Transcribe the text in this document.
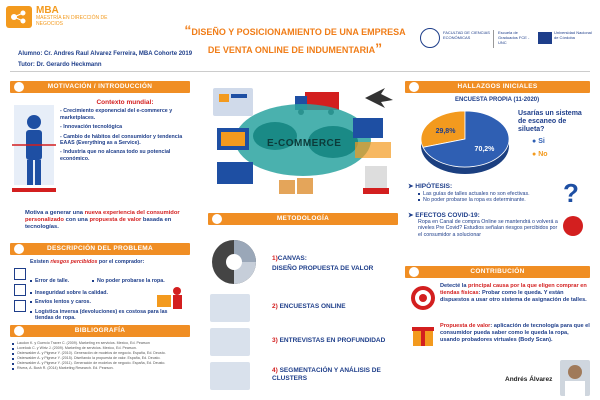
MBA
MAESTRÍA EN DIRECCIÓN DE NEGOCIOS	“DISEÑO Y POSICIONAMIENTO DE UNA EMPRESA
DE VENTA ONLINE DE INDUMENTARIA”
Alumno: Cr. Andres Raul Alvarez Ferreira, MBA Cohorte 2019
Tutor: Dr. Gerardo Heckmann
FACULTAD DE CIENCIAS ECONÓMICAS
Escuela de Graduados FCE - UNC
Universidad Nacional de Córdoba
MOTIVACIÓN / INTRODUCCIÓN
Contexto mundial:
- Crecimiento exponencial del e-commerce y marketplaces.
- Innovación tecnológica
- Cambio de hábitos del consumidor y tendencia EAAS (Everything as a Service).
- Industria que no alcanza todo su potencial económico.
Motiva a generar una nueva experiencia del consumidor personalizado con una propuesta de valor basada en tecnologías.
DESCRIPCIÓN DEL PROBLEMA
Existen riesgos percibidos por el comprador:
Error de talle.	No poder probarse la ropa.
Inseguridad sobre la calidad.
Envíos lentos y caros.
Logística inversa (devoluciones) es costosa para las tiendas de ropa.
BIBLIOGRAFÍA
Laudon K. y Guercio Traver C. (2009). Marketing en servicios. Mexico, Ed. Pearson
Lovelock C. y Wirtz J. (2009). Marketing de servicios. Mexico, Ed. Pearson.
Osterwalder A. y Pigneur Y. (2010). Generación de modelos de negocio. España, Ed. Deusto.
Osterwalder A. y Pigneur Y. (2015). Diseñando la propuesta de valor. España, Ed. Deusto.
Osterwalder A. y Pigneur Y. (2011). Generación de modelos de negocio. España, Ed. Deusto.
Rivera, A. Bush R. (2014) Marketing Research. Ed. Pearson.
E-COMMERCE
METODOLOGÍA
1)CANVAS:
DISEÑO PROPUESTA DE VALOR
2) ENCUESTAS ONLINE
3) ENTREVISTAS EN PROFUNDIDAD
4) SEGMENTACIÓN Y ANÁLISIS DE CLUSTERS
HALLAZGOS INICIALES
ENCUESTA PROPIA (11-2020)
70,2%
29,8%
Usarías un sistema de escaneo de silueta?
● Si
● No
➤ HIPÓTESIS:
Las guías de talles actuales no son efectivas.
No poder probarse la ropa es determinante.	?
➤ EFECTOS COVID-19:
Ropa en Canal de compra Online se mantendrá o volverá a niveles Pre Covid? Estudios señalan riesgos percibidos por el consumidor a solucionar
CONTRIBUCIÓN
Detecté la principal causa por la que eligen comprar en tiendas físicas: Probar como le queda. Y están dispuestos a usar otro sistema de asignación de talles.
Propuesta de valor: aplicación de tecnología para que el consumidor pueda saber como le queda la ropa, usando probadores virtuales (Body Scan).
Andrés Álvarez
